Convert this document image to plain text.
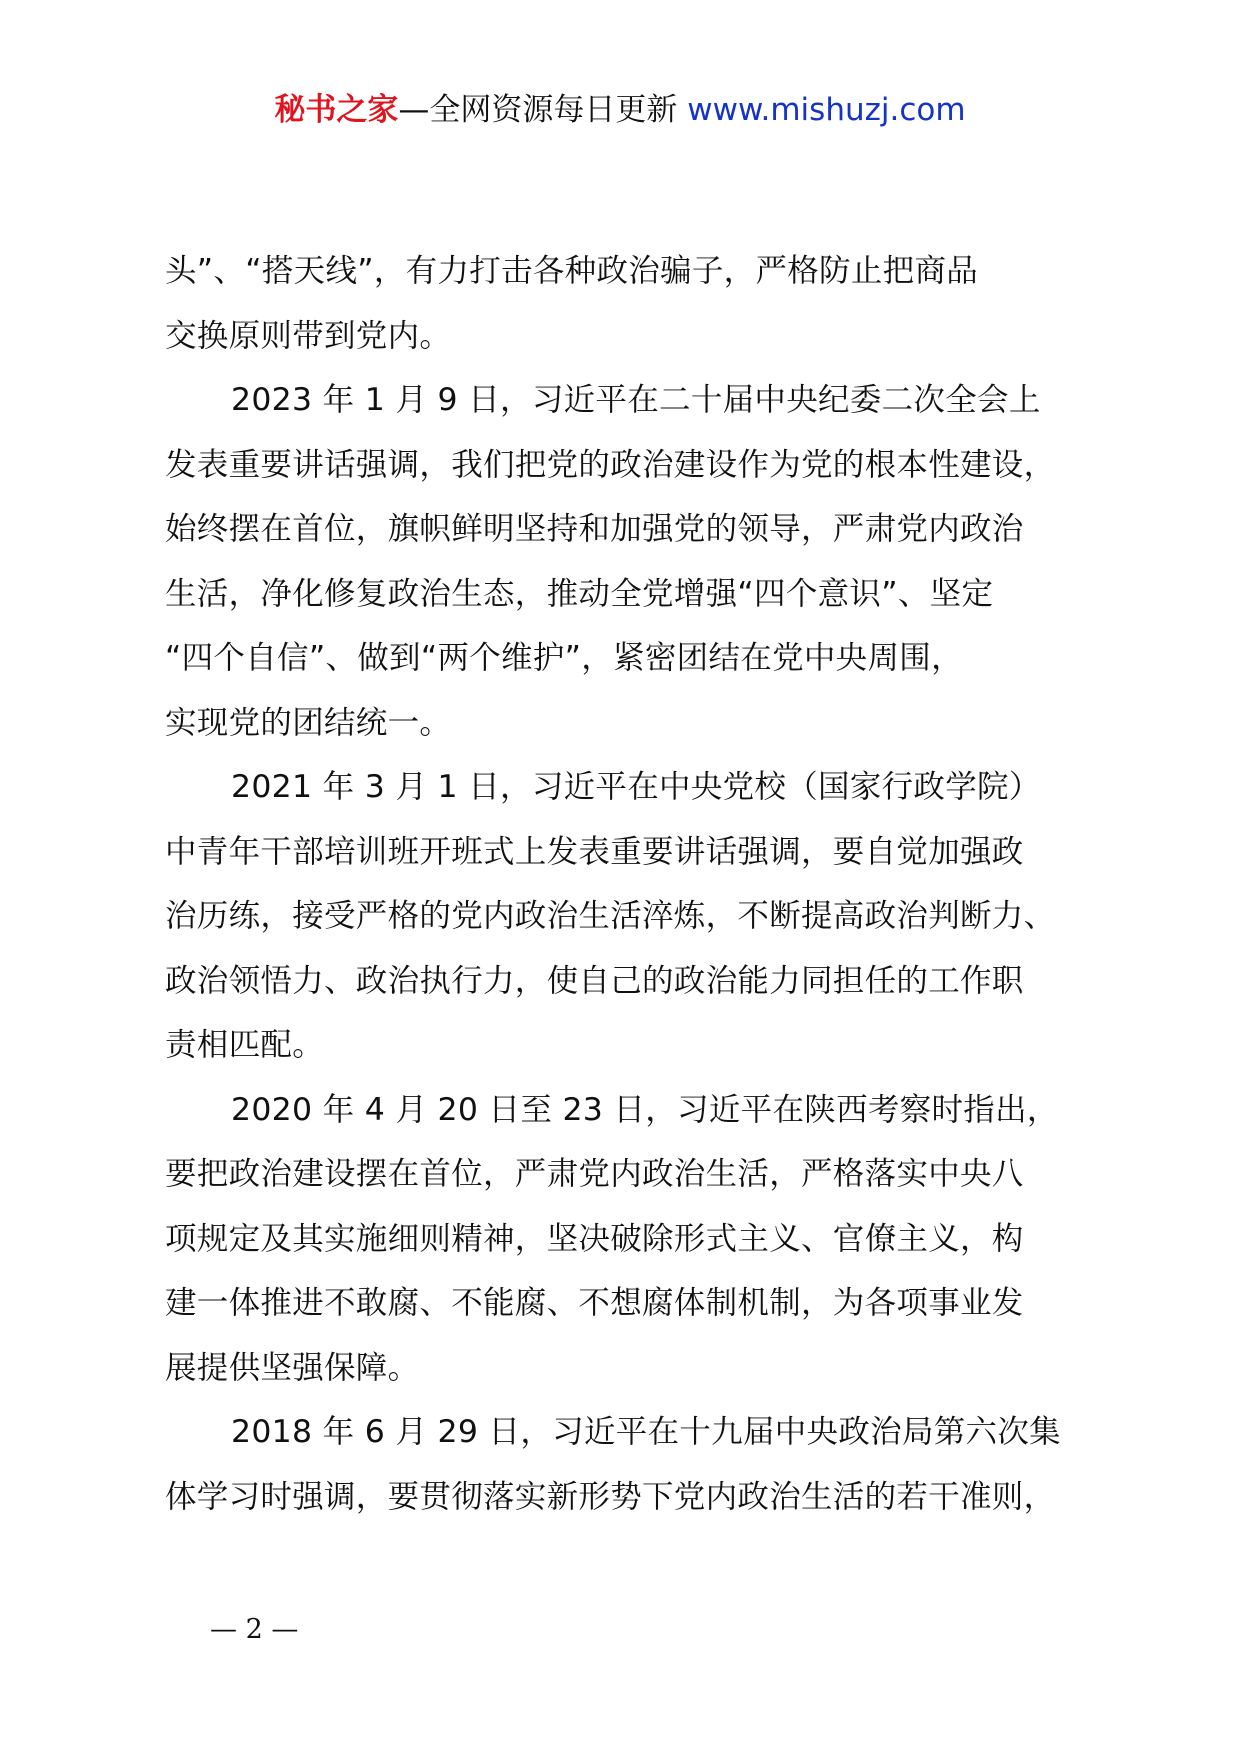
秘书之家—全网资源每日更新 www.mishuzj.com

头”、“搭天线”，有力打击各种政治骗子，严格防止把商品
交换原则带到党内。

2023 年 1 月 9 日，习近平在二十届中央纪委二次全会上
发表重要讲话强调，我们把党的政治建设作为党的根本性建设，
始终摆在首位，旗帜鲜明坚持和加强党的领导，严肃党内政治
生活，净化修复政治生态，推动全党增强“四个意识”、坚定
“四个自信”、做到“两个维护”，紧密团结在党中央周围，
实现党的团结统一。

2021 年 3 月 1 日，习近平在中央党校（国家行政学院）
中青年干部培训班开班式上发表重要讲话强调，要自觉加强政
治历练，接受严格的党内政治生活淬炼，不断提高政治判断力、
政治领悟力、政治执行力，使自己的政治能力同担任的工作职
责相匹配。

2020 年 4 月 20 日至 23 日，习近平在陕西考察时指出，
要把政治建设摆在首位，严肃党内政治生活，严格落实中央八
项规定及其实施细则精神，坚决破除形式主义、官僚主义，构
建一体推进不敢腐、不能腐、不想腐体制机制，为各项事业发
展提供坚强保障。

2018 年 6 月 29 日，习近平在十九届中央政治局第六次集
体学习时强调，要贯彻落实新形势下党内政治生活的若干准则，

— 2 —
